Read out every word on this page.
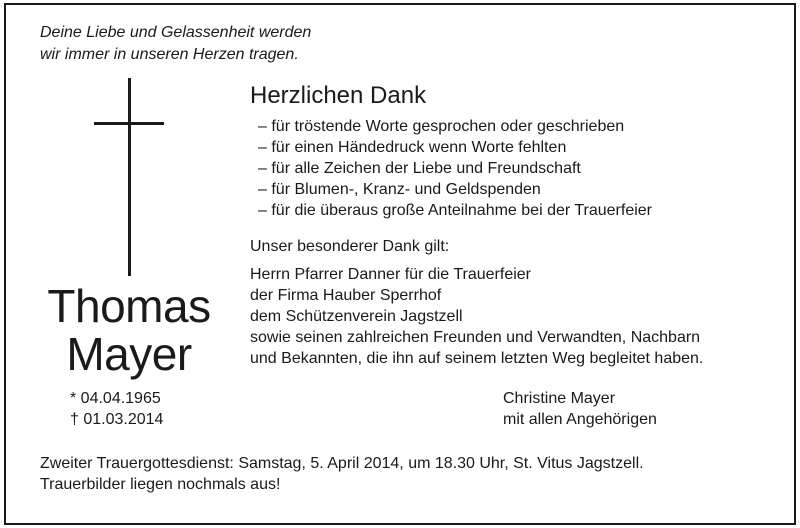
Deine Liebe und Gelassenheit werden
wir immer in unseren Herzen tragen.
Thomas
Mayer
* 04.04.1965
† 01.03.2014
Herzlichen Dank
– für tröstende Worte gesprochen oder geschrieben
– für einen Händedruck wenn Worte fehlten
– für alle Zeichen der Liebe und Freundschaft
– für Blumen-, Kranz- und Geldspenden
– für die überaus große Anteilnahme bei der Trauerfeier
Unser besonderer Dank gilt:
Herrn Pfarrer Danner für die Trauerfeier
der Firma Hauber Sperrhof
dem Schützenverein Jagstzell
sowie seinen zahlreichen Freunden und Verwandten, Nachbarn
und Bekannten, die ihn auf seinem letzten Weg begleitet haben.
Christine Mayer
mit allen Angehörigen
Zweiter Trauergottesdienst: Samstag, 5. April 2014, um 18.30 Uhr, St. Vitus Jagstzell.
Trauerbilder liegen nochmals aus!
